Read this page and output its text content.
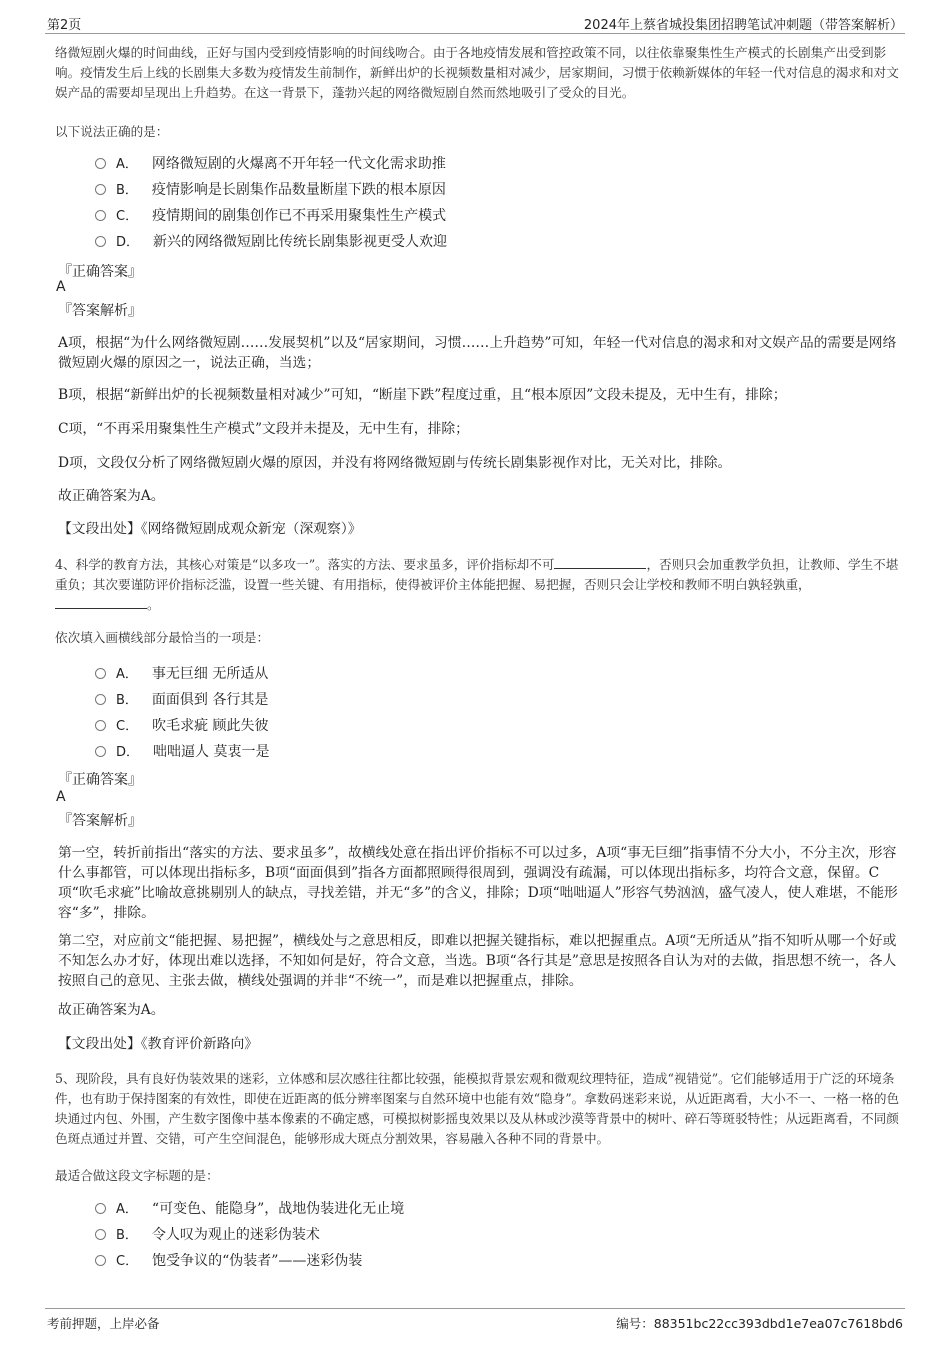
第2页	2024年上蔡省城投集团招聘笔试冲刺题（带答案解析）

络微短剧火爆的时间曲线，正好与国内受到疫情影响的时间线吻合。由于各地疫情发展和管控政策不同，以往依靠聚集性生产模式的长剧集产出受到影响。疫情发生后上线的长剧集大多数为疫情发生前制作，新鲜出炉的长视频数量相对减少，居家期间，习惯于依赖新媒体的年轻一代对信息的渴求和对文娱产品的需要却呈现出上升趋势。在这一背景下，蓬勃兴起的网络微短剧自然而然地吸引了受众的目光。

以下说法正确的是：

A． 网络微短剧的火爆离不开年轻一代文化需求助推
B． 疫情影响是长剧集作品数量断崖下跌的根本原因
C． 疫情期间的剧集创作已不再采用聚集性生产模式
D． 新兴的网络微短剧比传统长剧集影视更受人欢迎
『正确答案』
A
『答案解析』

A项，根据“为什么网络微短剧……发展契机”以及“居家期间，习惯……上升趋势”可知，年轻一代对信息的渴求和对文娱产品的需要是网络微短剧火爆的原因之一，说法正确，当选；

B项，根据“新鲜出炉的长视频数量相对减少”可知，“断崖下跌”程度过重，且“根本原因”文段未提及，无中生有，排除；

C项，“不再采用聚集性生产模式”文段并未提及，无中生有，排除；

D项，文段仅分析了网络微短剧火爆的原因，并没有将网络微短剧与传统长剧集影视作对比，无关对比，排除。

故正确答案为A。

【文段出处】《网络微短剧成观众新宠（深观察）》

4、科学的教育方法，其核心对策是“以多攻一”。落实的方法、要求虽多，评价指标却不可	，否则只会加重教学负担，让教师、学生不堪重负；其次要谨防评价指标泛滥，设置一些关键、有用指标，使得被评价主体能把握、易把握，否则只会让学校和教师不明白孰轻孰重，。

依次填入画横线部分最恰当的一项是：

A． 事无巨细 无所适从
B． 面面俱到 各行其是
C． 吹毛求疵 顾此失彼
D． 咄咄逼人 莫衷一是
『正确答案』
A
『答案解析』

第一空，转折前指出“落实的方法、要求虽多”，故横线处意在指出评价指标不可以过多，A项“事无巨细”指事情不分大小，不分主次，形容什么事都管，可以体现出指标多，B项“面面俱到”指各方面都照顾得很周到，强调没有疏漏，可以体现出指标多，均符合文意，保留。C项“吹毛求疵”比喻故意挑剔别人的缺点，寻找差错，并无“多”的含义，排除；D项“咄咄逼人”形容气势汹汹，盛气凌人，使人难堪，不能形容“多”，排除。

第二空，对应前文“能把握、易把握”，横线处与之意思相反，即难以把握关键指标，难以把握重点。A项“无所适从”指不知听从哪一个好或不知怎么办才好，体现出难以选择，不知如何是好，符合文意，当选。B项“各行其是”意思是按照各自认为对的去做，指思想不统一，各人按照自己的意见、主张去做，横线处强调的并非“不统一”，而是难以把握重点，排除。

故正确答案为A。

【文段出处】《教育评价新路向》

5、现阶段，具有良好伪装效果的迷彩，立体感和层次感往往都比较强，能模拟背景宏观和微观纹理特征，造成“视错觉”。它们能够适用于广泛的环境条件，也有助于保持图案的有效性，即使在近距离的低分辨率图案与自然环境中也能有效“隐身”。拿数码迷彩来说，从近距离看，大小不一、一格一格的色块通过内包、外围，产生数字图像中基本像素的不确定感，可模拟树影摇曳效果以及从林或沙漠等背景中的树叶、碎石等斑驳特性；从远距离看，不同颜色斑点通过并置、交错，可产生空间混色，能够形成大斑点分割效果，容易融入各种不同的背景中。

最适合做这段文字标题的是：

A． “可变色、能隐身”，战地伪装进化无止境
B． 令人叹为观止的迷彩伪装术
C． 饱受争议的“伪装者”——迷彩伪装
考前押题，上岸必备	编号：88351bc22cc393dbd1e7ea07c7618bd6
